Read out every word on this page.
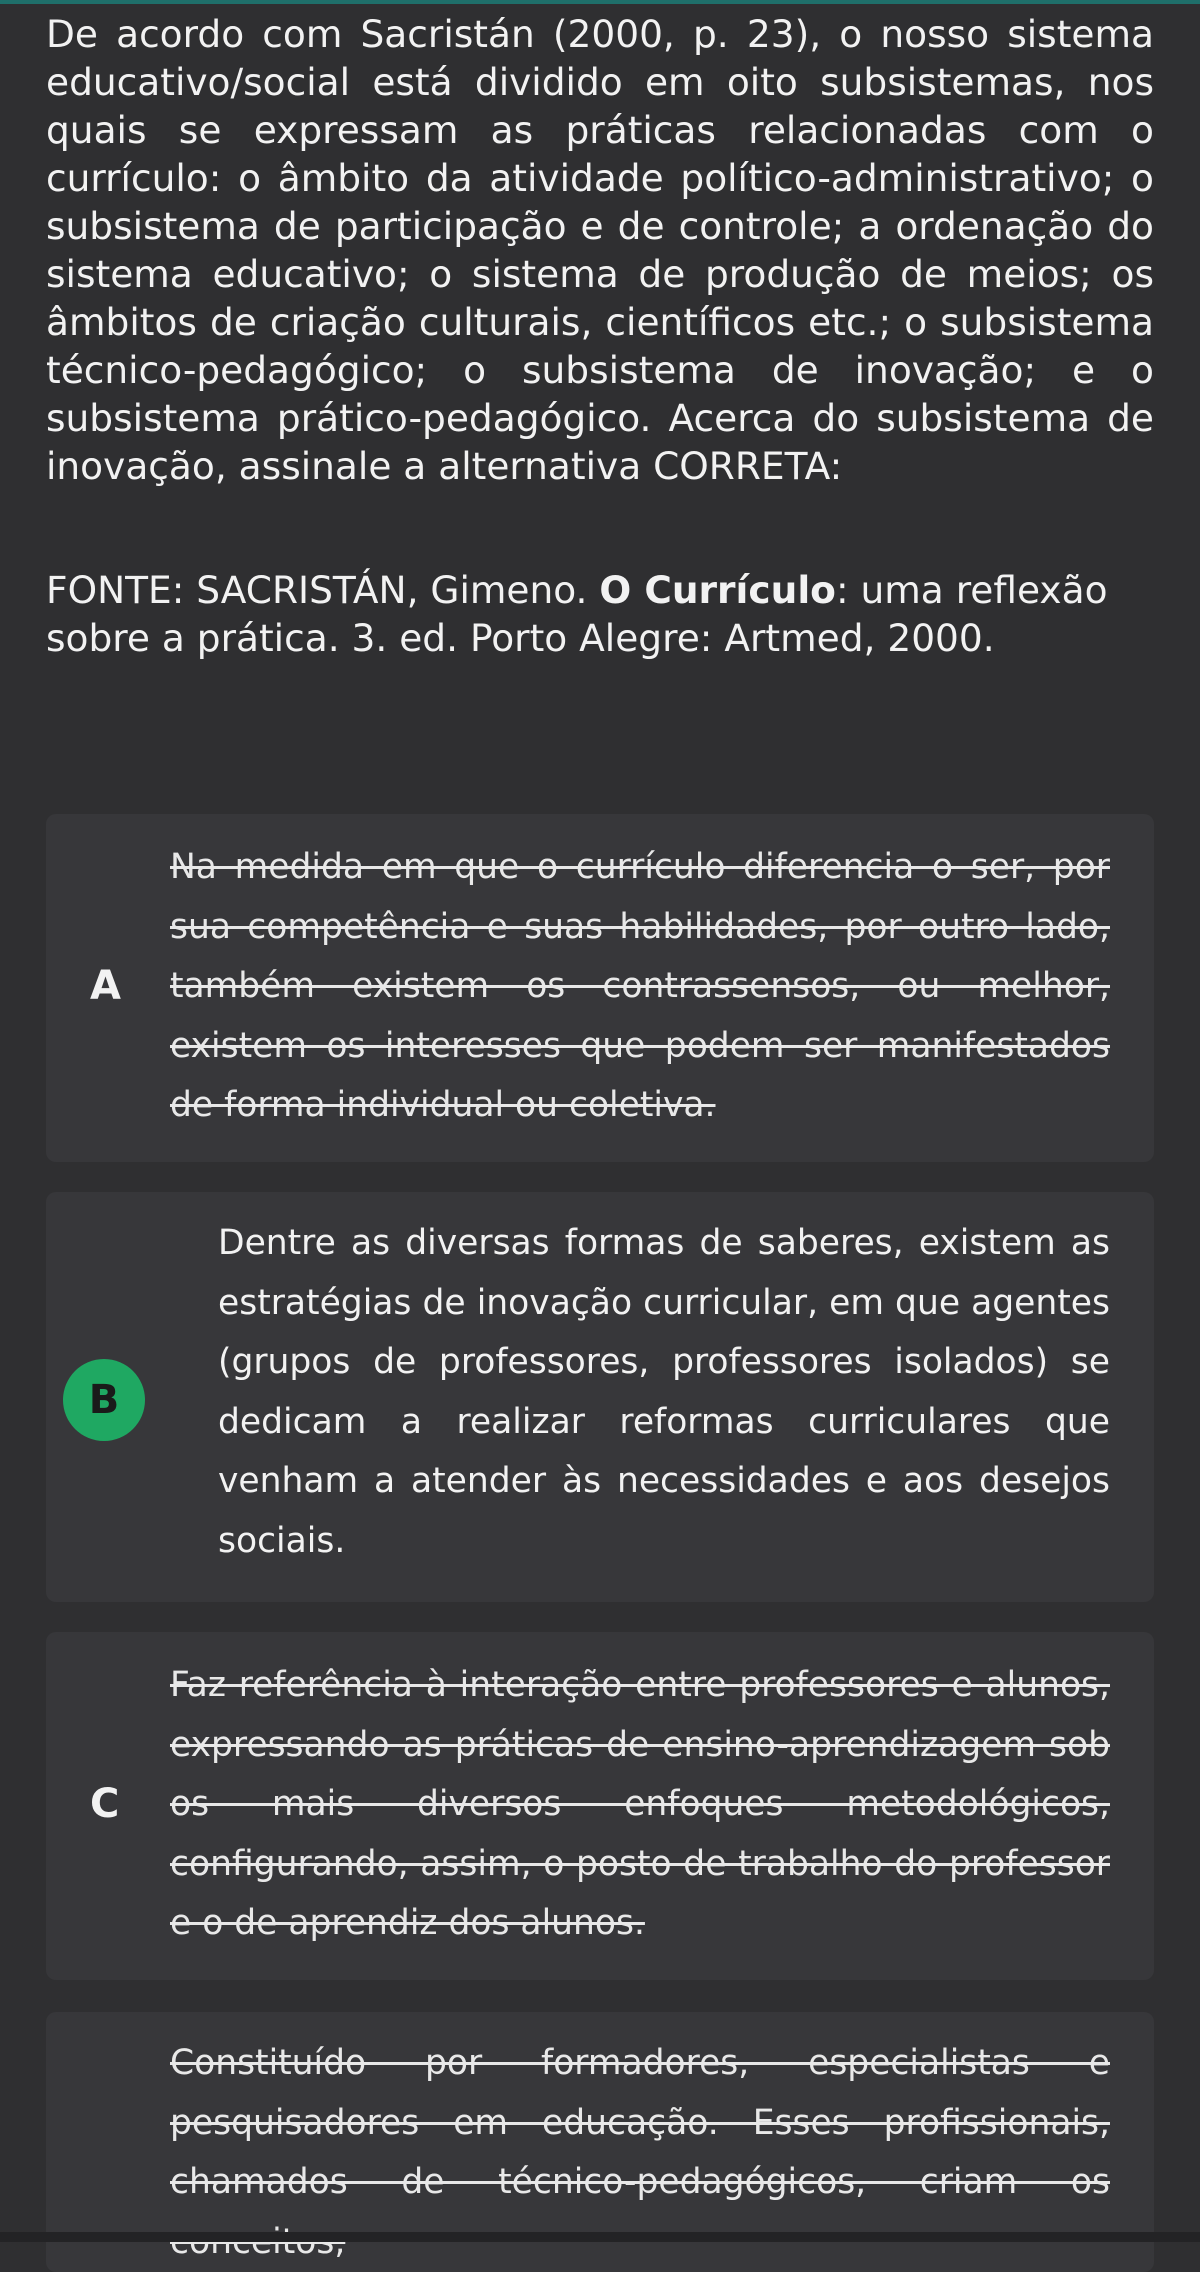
De acordo com Sacristán (2000, p. 23), o nosso sistema educativo/social está dividido em oito subsistemas, nos quais se expressam as práticas relacionadas com o currículo: o âmbito da atividade político-administrativo; o subsistema de participação e de controle; a ordenação do sistema educativo; o sistema de produção de meios; os âmbitos de criação culturais, científicos etc.; o subsistema técnico-pedagógico; o subsistema de inovação; e o subsistema prático-pedagógico. Acerca do subsistema de inovação, assinale a alternativa CORRETA:
FONTE: SACRISTÁN, Gimeno. O Currículo: uma reflexão sobre a prática. 3. ed. Porto Alegre: Artmed, 2000.
A
Na medida em que o currículo diferencia o ser, por sua competência e suas habilidades, por outro lado, também existem os contrassensos, ou melhor, existem os interesses que podem ser manifestados de forma individual ou coletiva.
B
Dentre as diversas formas de saberes, existem as estratégias de inovação curricular, em que agentes (grupos de professores, professores isolados) se dedicam a realizar reformas curriculares que venham a atender às necessidades e aos desejos sociais.
C
Faz referência à interação entre professores e alunos, expressando as práticas de ensino-aprendizagem sob os mais diversos enfoques metodológicos, configurando, assim, o posto de trabalho do professor e o de aprendiz dos alunos.
Constituído por formadores, especialistas e pesquisadores em educação. Esses profissionais, chamados de técnico-pedagógicos, criam os
